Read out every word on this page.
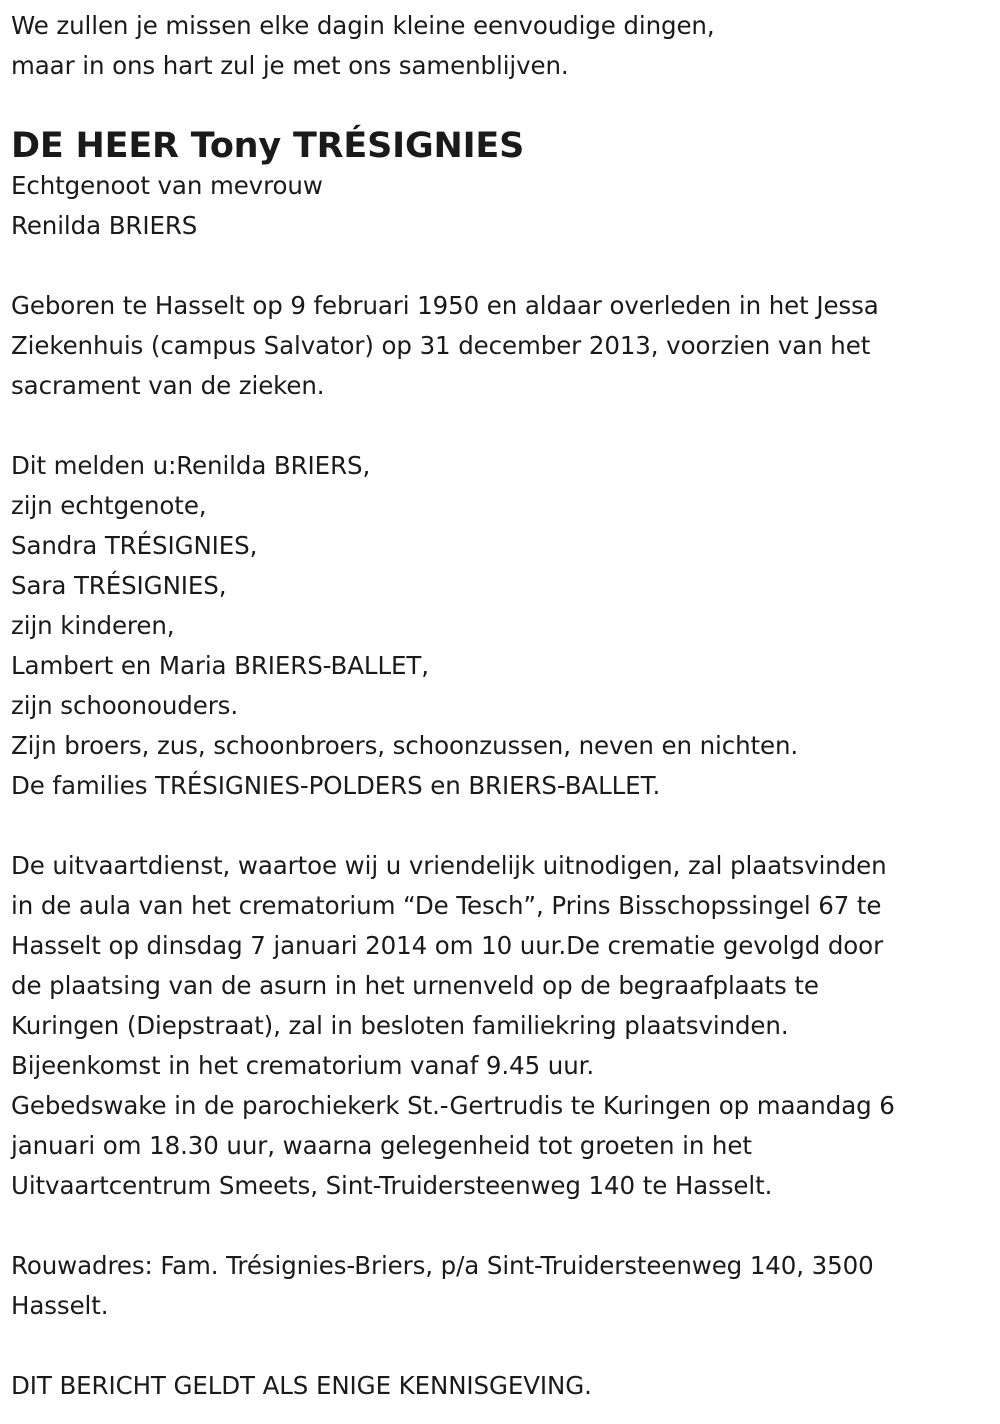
We zullen je missen elke dagin kleine eenvoudige dingen,
maar in ons hart zul je met ons samenblijven.
DE HEER Tony TRÉSIGNIES
Echtgenoot van mevrouw
Renilda BRIERS
Geboren te Hasselt op 9 februari 1950 en aldaar overleden in het Jessa
Ziekenhuis (campus Salvator) op 31 december 2013, voorzien van het
sacrament van de zieken.
Dit melden u:Renilda BRIERS,
zijn echtgenote,
Sandra TRÉSIGNIES,
Sara TRÉSIGNIES,
zijn kinderen,
Lambert en Maria BRIERS-BALLET,
zijn schoonouders.
Zijn broers, zus, schoonbroers, schoonzussen, neven en nichten.
De families TRÉSIGNIES-POLDERS en BRIERS-BALLET.
De uitvaartdienst, waartoe wij u vriendelijk uitnodigen, zal plaatsvinden
in de aula van het crematorium “De Tesch”, Prins Bisschopssingel 67 te
Hasselt op dinsdag 7 januari 2014 om 10 uur.De crematie gevolgd door
de plaatsing van de asurn in het urnenveld op de begraafplaats te
Kuringen (Diepstraat), zal in besloten familiekring plaatsvinden.
Bijeenkomst in het crematorium vanaf 9.45 uur.
Gebedswake in de parochiekerk St.-Gertrudis te Kuringen op maandag 6
januari om 18.30 uur, waarna gelegenheid tot groeten in het
Uitvaartcentrum Smeets, Sint-Truidersteenweg 140 te Hasselt.
Rouwadres: Fam. Trésignies-Briers, p/a Sint-Truidersteenweg 140, 3500
Hasselt.
DIT BERICHT GELDT ALS ENIGE KENNISGEVING.
